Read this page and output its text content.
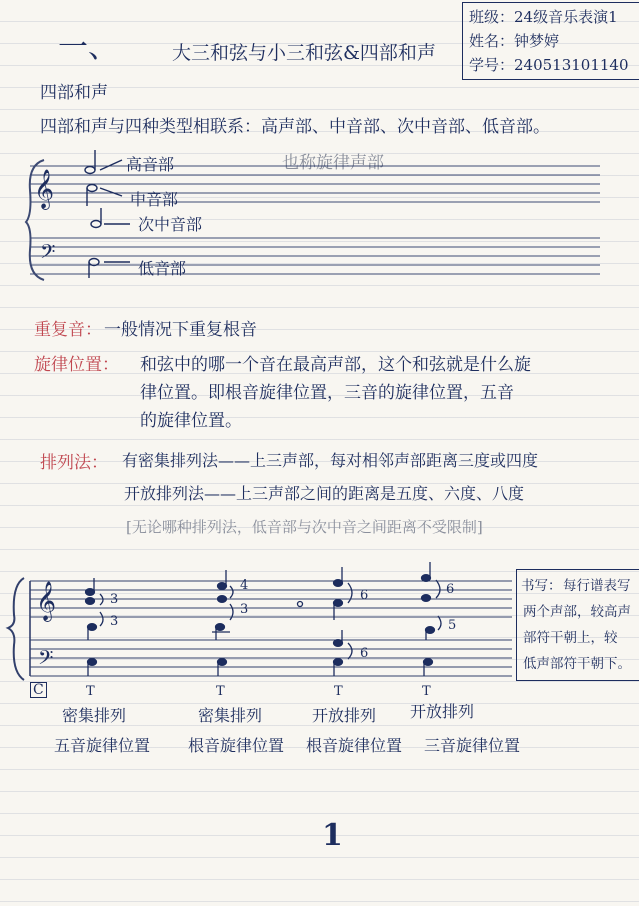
一、	大三和弦与小三和弦&四部和声
班级：24级音乐表演1
姓名：钟梦婷
学号：240513101140
四部和声
四部和声与四种类型相联系：高声部、中音部、次中音部、低音部。
也称旋律声部
高音部
中音部
次中音部
低音部
重复音： 一般情况下重复根音
旋律位置： 和弦中的哪一个音在最高声部，这个和弦就是什么旋
律位置。即根音旋律位置，三音的旋律位置，五音
的旋律位置。
排列法： 有密集排列法——上三声部，每对相邻声部距离三度或四度
开放排列法——上三声部之间的距离是五度、六度、八度
[无论哪种排列法，低音部与次中音之间距离不受限制]
书写： 每行谱表写
两个声部，较高声
部符干朝上，较
低声部符干朝下。
密集排列
五音旋律位置
密集排列
根音旋律位置
开放排列
根音旋律位置
开放排列
三音旋律位置
1
𝄞
𝄢
𝄞
𝄢
3
3
4
3
6
6
6
5
C	T	T	T	T
